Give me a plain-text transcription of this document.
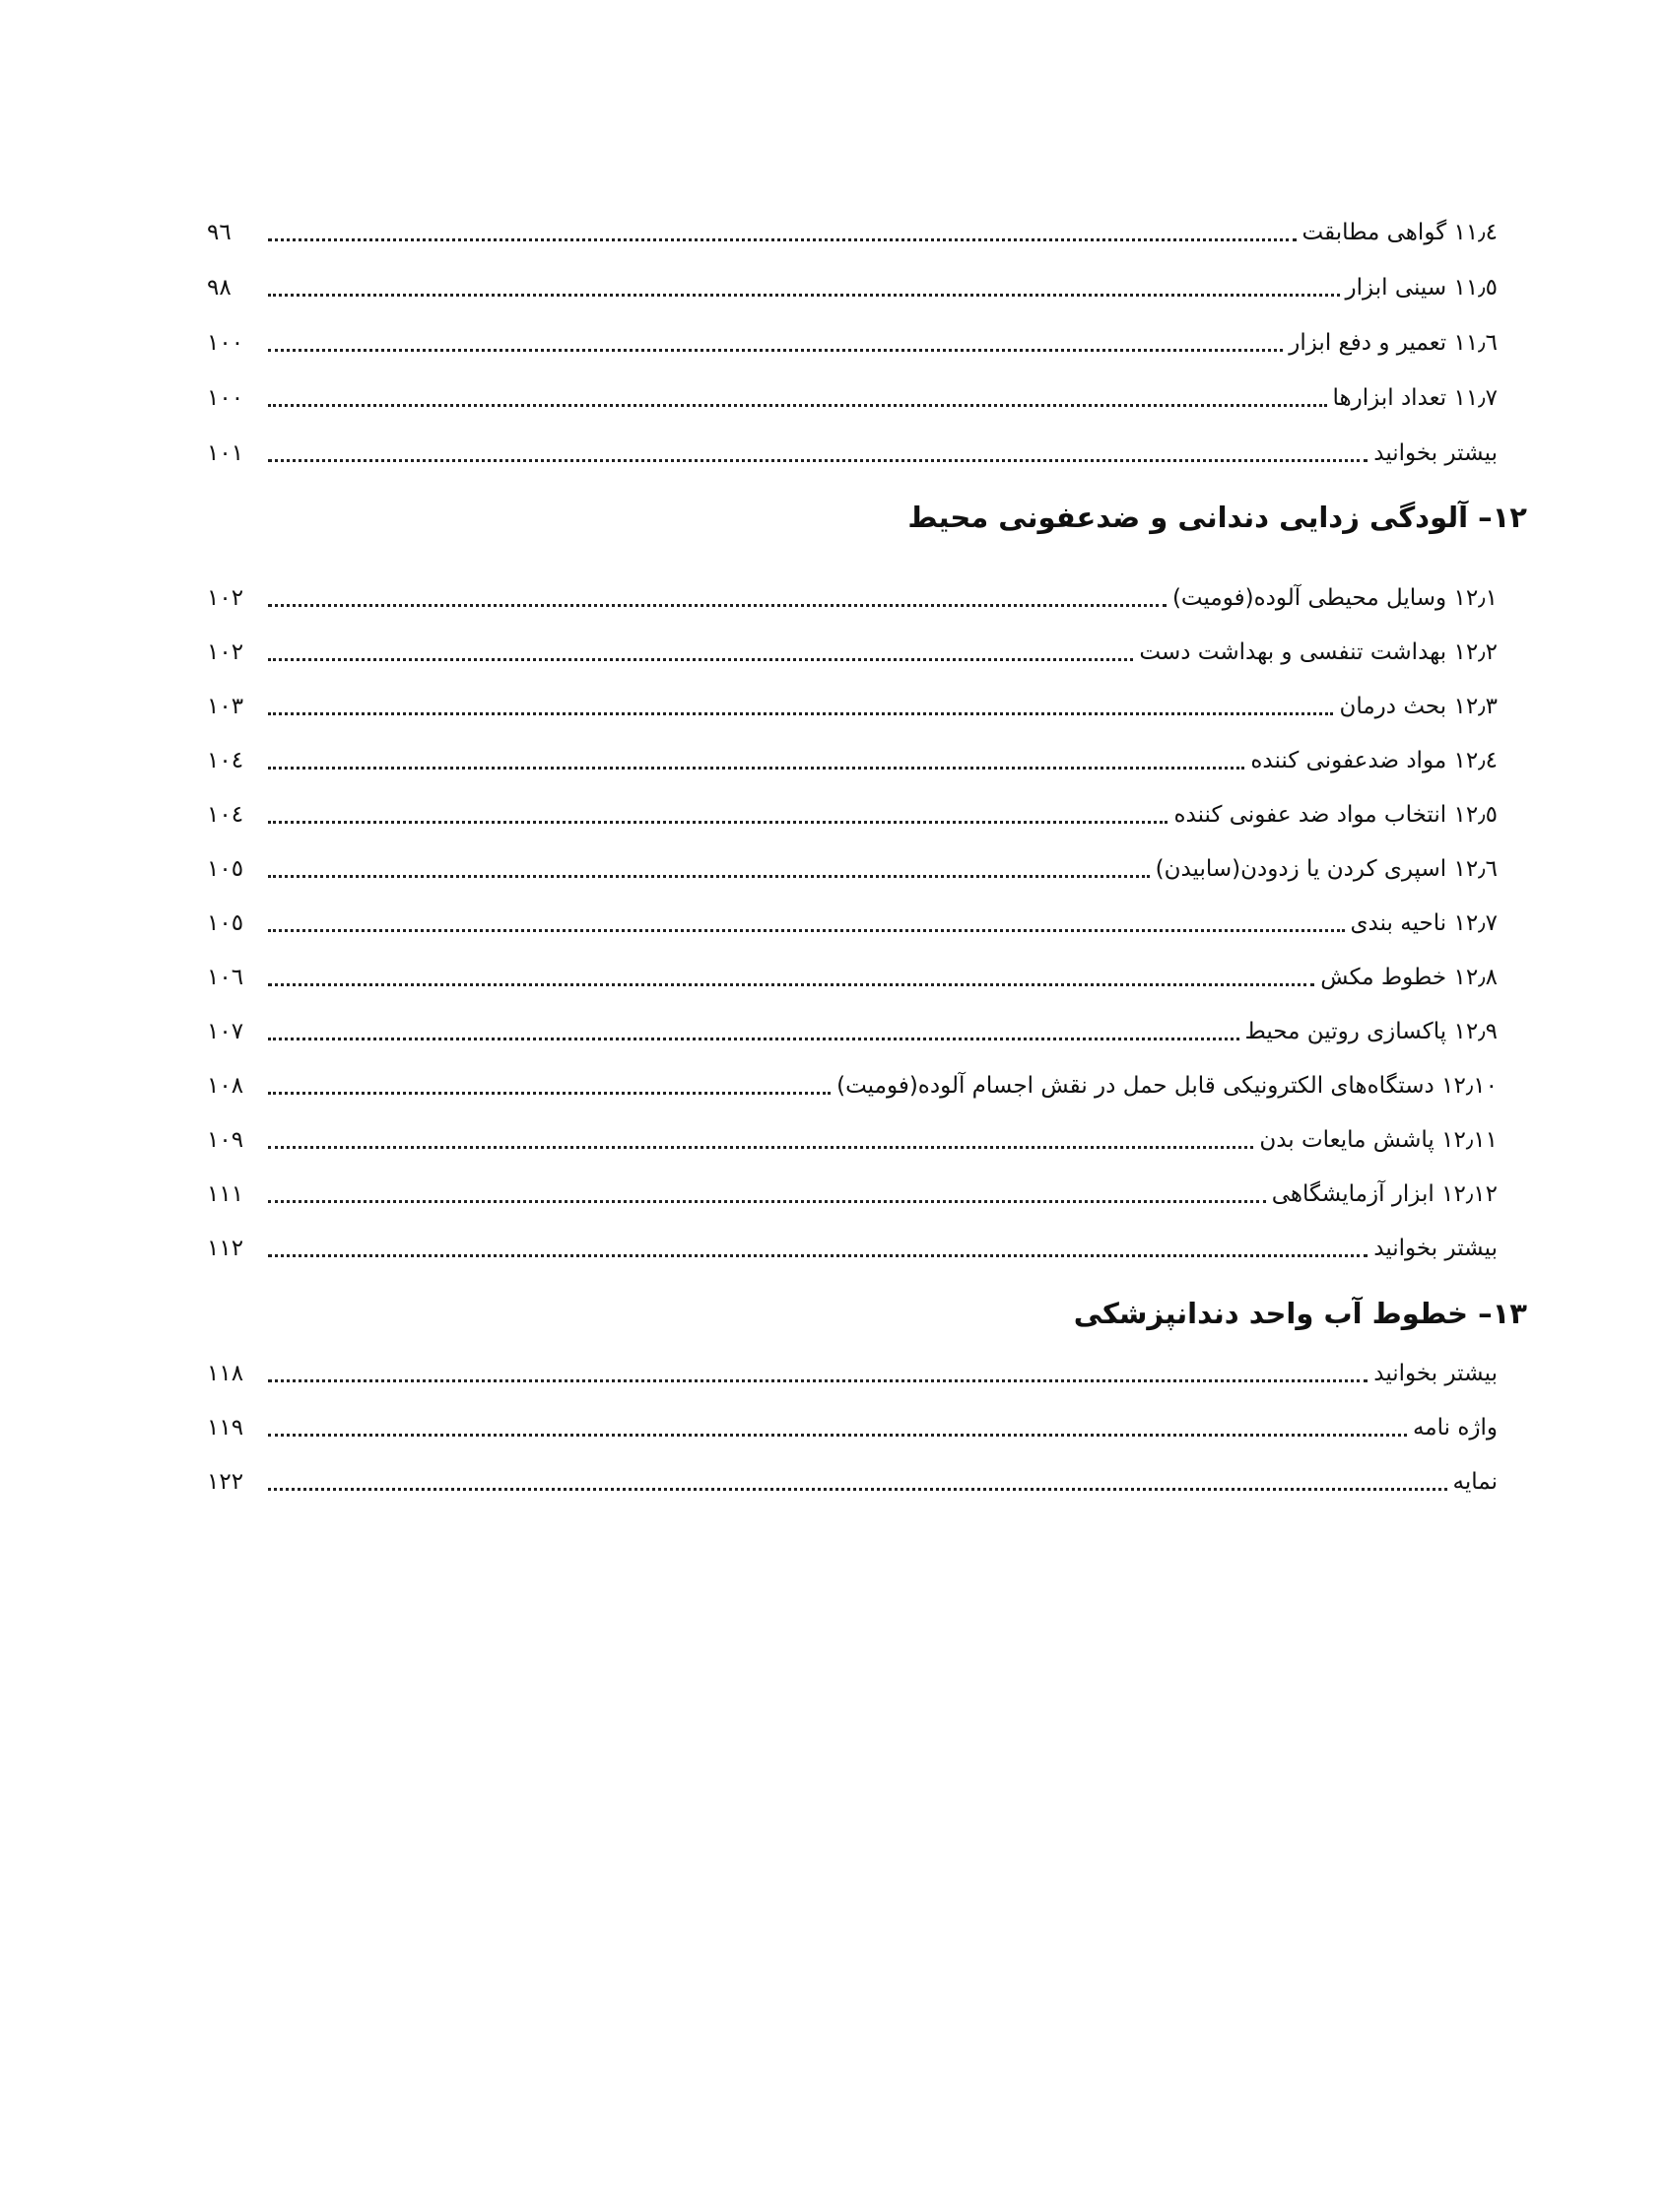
۱۱٫٤ گواهی مطابقت
۹٦
۱۱٫٥ سینی ابزار
۹۸
۱۱٫٦ تعمیر و دفع ابزار
۱۰۰
۱۱٫۷ تعداد ابزارها
۱۰۰
بیشتر بخوانید
۱۰۱
۱۲–
آلودگی زدایی دندانی و ضدعفونی محیط
۱۲٫۱ وسایل محیطی آلوده(فومیت)
۱۰۲
۱۲٫۲ بهداشت تنفسی و بهداشت دست
۱۰۲
۱۲٫۳ بحث درمان
۱۰۳
۱۲٫٤ مواد ضدعفونی کننده
۱۰٤
۱۲٫٥ انتخاب مواد ضد عفونی کننده
۱۰٤
۱۲٫٦ اسپری کردن یا زدودن(سابیدن)
۱۰٥
۱۲٫۷ ناحیه بندی
۱۰٥
۱۲٫۸ خطوط مکش
۱۰٦
۱۲٫۹ پاکسازی روتین محیط
۱۰۷
۱۲٫۱۰ دستگاه‌های الکترونیکی قابل حمل در نقش اجسام آلوده(فومیت)
۱۰۸
۱۲٫۱۱ پاشش مایعات بدن
۱۰۹
۱۲٫۱۲ ابزار آزمایشگاهی
۱۱۱
بیشتر بخوانید
۱۱۲
۱۳–
خطوط آب واحد دندانپزشکی
بیشتر بخوانید
۱۱۸
واژه نامه
۱۱۹
نمایه
۱۲۲
